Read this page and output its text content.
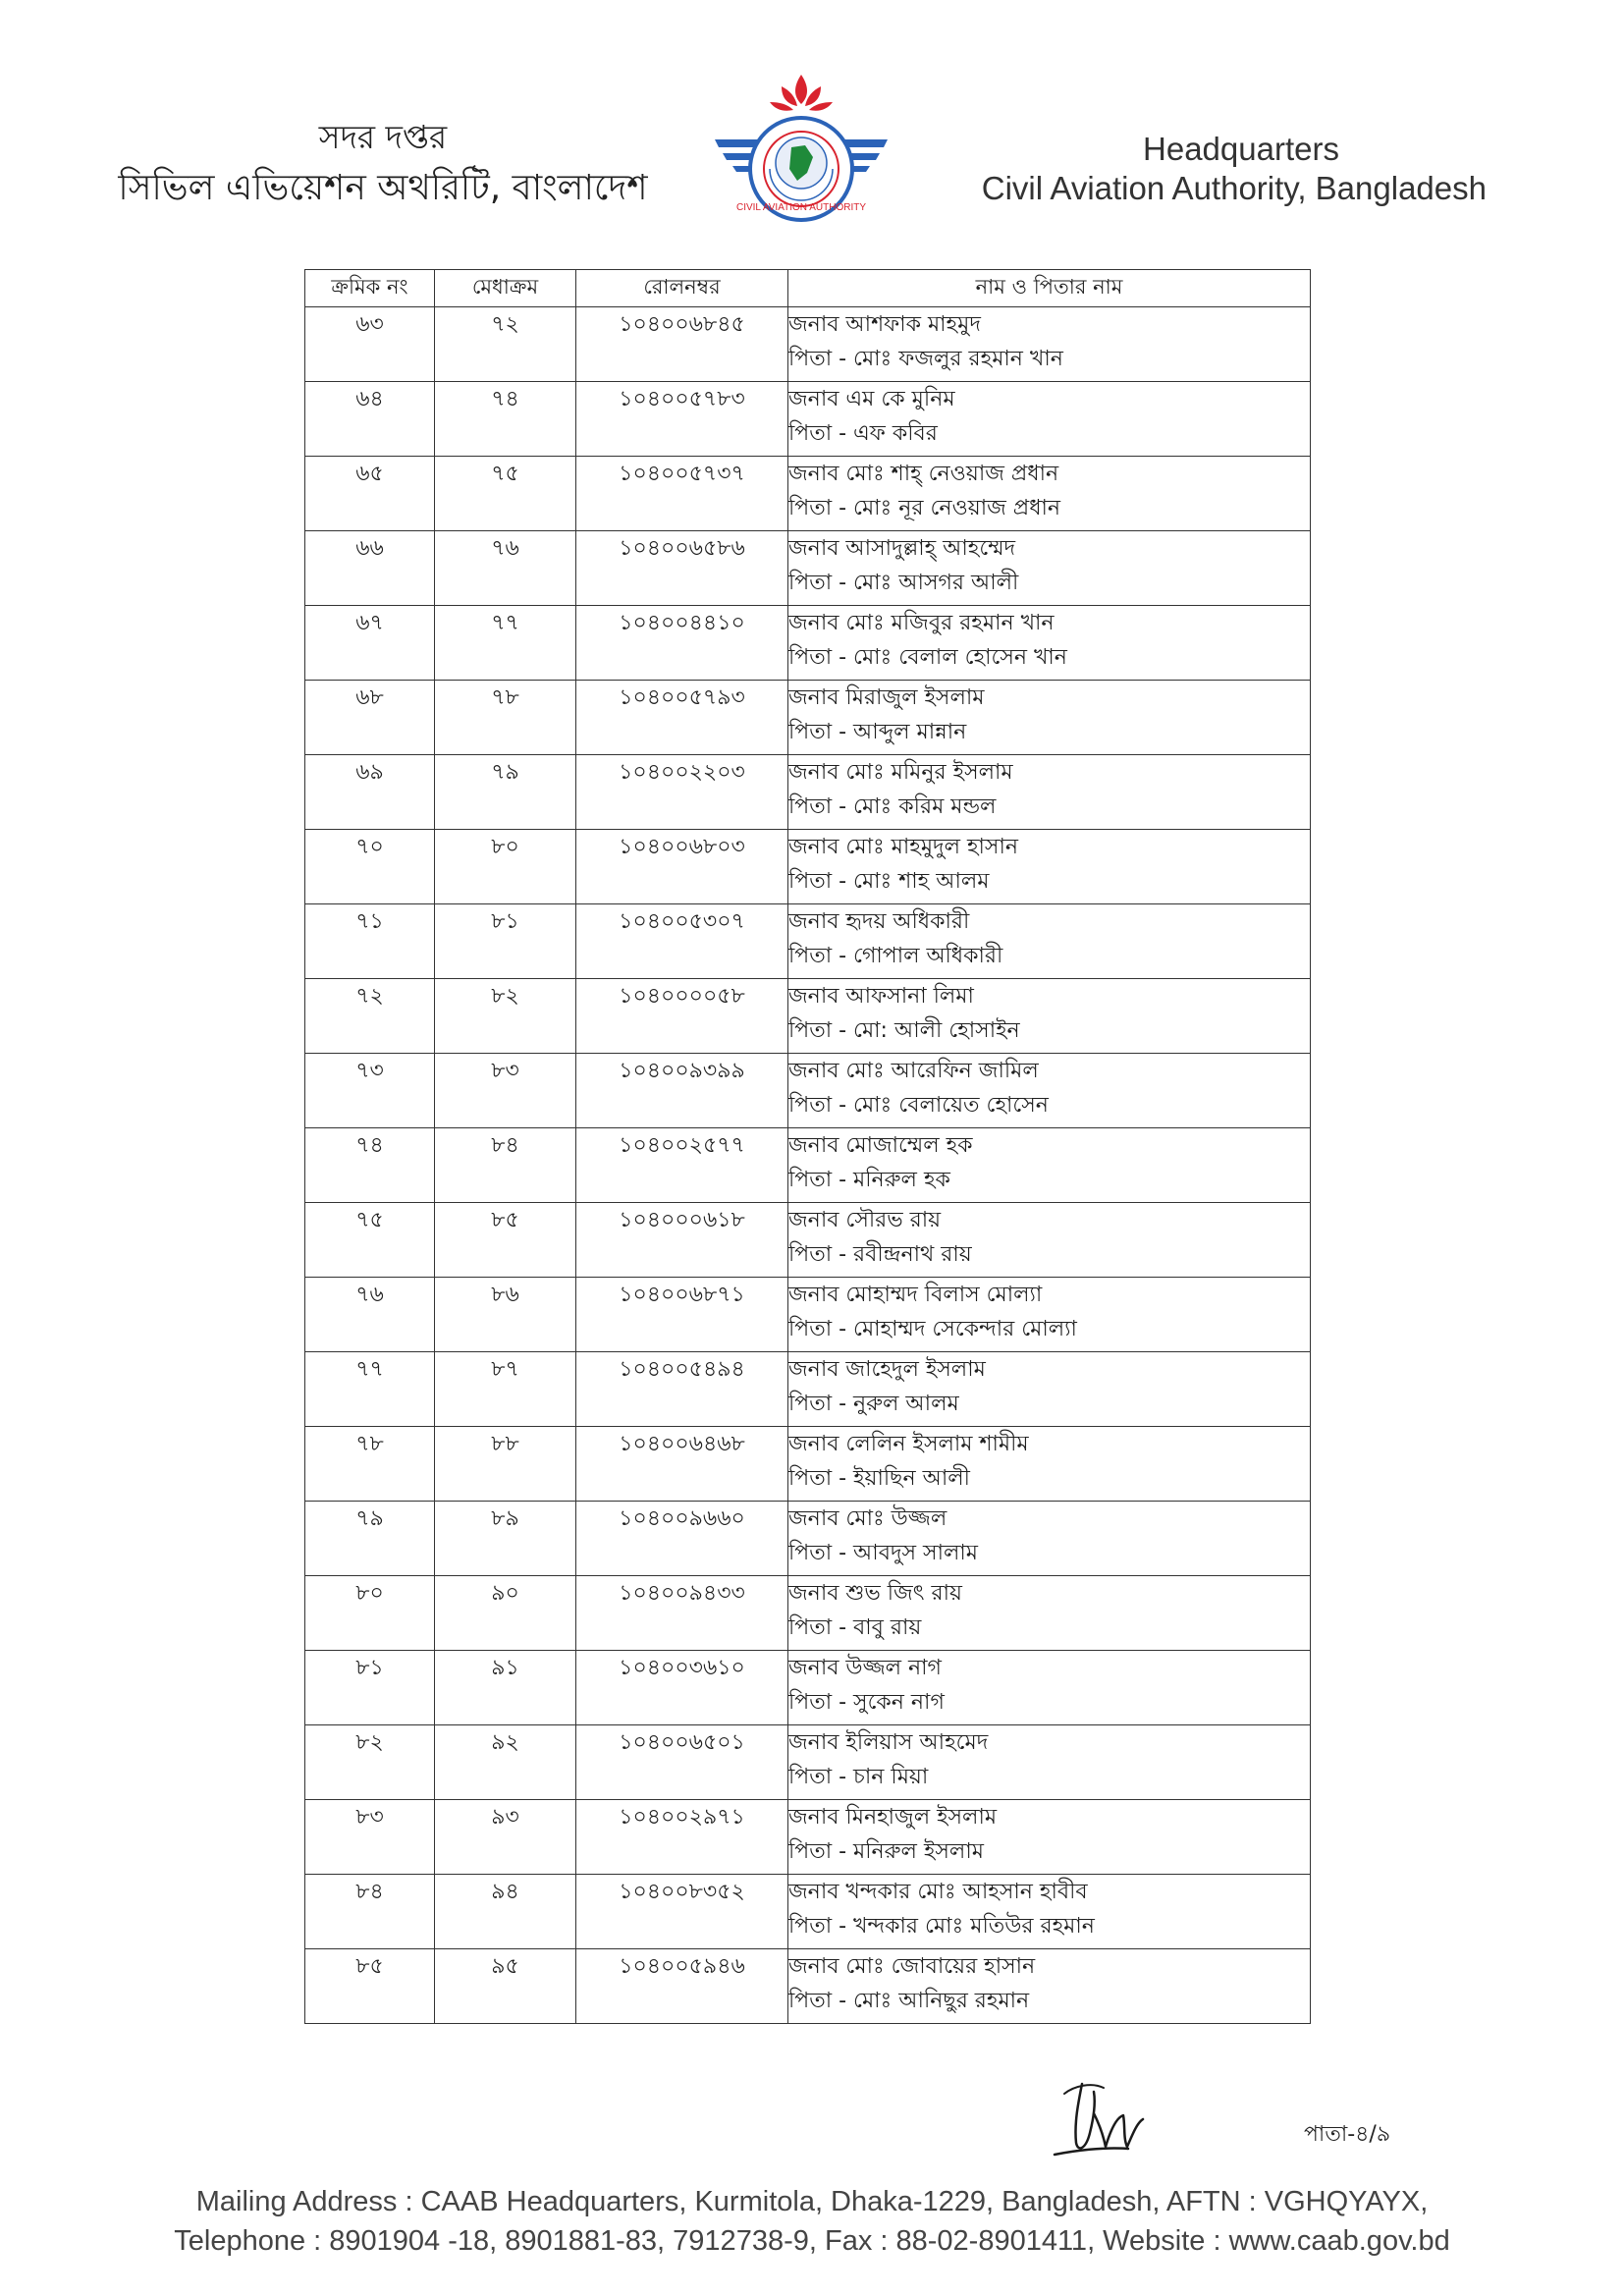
সদর দপ্তর
সিভিল এভিয়েশন অথরিটি, বাংলাদেশ	CIVIL AVIATION AUTHORITY
Headquarters
Civil Aviation Authority, Bangladesh
ক্রমিক নং	মেধাক্রম	রোলনম্বর	নাম ও পিতার নাম
৬৩	৭২	১০৪০০৬৮৪৫	জনাব আশফাক মাহমুদ
পিতা - মোঃ ফজলুর রহমান খান

৬৪	৭৪	১০৪০০৫৭৮৩	জনাব এম কে মুনিম
পিতা - এফ কবির

৬৫	৭৫	১০৪০০৫৭৩৭	জনাব মোঃ শাহ্ নেওয়াজ প্রধান
পিতা - মোঃ নূর নেওয়াজ প্রধান

৬৬	৭৬	১০৪০০৬৫৮৬	জনাব আসাদুল্লাহ্ আহম্মেদ
পিতা - মোঃ আসগর আলী

৬৭	৭৭	১০৪০০৪৪১০	জনাব মোঃ মজিবুর রহমান খান
পিতা - মোঃ বেলাল হোসেন খান

৬৮	৭৮	১০৪০০৫৭৯৩	জনাব মিরাজুল ইসলাম
পিতা - আব্দুল মান্নান

৬৯	৭৯	১০৪০০২২০৩	জনাব মোঃ মমিনুর ইসলাম
পিতা - মোঃ করিম মন্ডল

৭০	৮০	১০৪০০৬৮০৩	জনাব মোঃ মাহমুদুল হাসান
পিতা - মোঃ শাহ আলম

৭১	৮১	১০৪০০৫৩০৭	জনাব হৃদয় অধিকারী
পিতা - গোপাল অধিকারী

৭২	৮২	১০৪০০০০৫৮	জনাব আফসানা লিমা
পিতা - মো: আলী হোসাইন

৭৩	৮৩	১০৪০০৯৩৯৯	জনাব মোঃ আরেফিন জামিল
পিতা - মোঃ বেলায়েত হোসেন

৭৪	৮৪	১০৪০০২৫৭৭	জনাব মোজাম্মেল হক
পিতা - মনিরুল হক

৭৫	৮৫	১০৪০০০৬১৮	জনাব সৌরভ রায়
পিতা - রবীন্দ্রনাথ রায়

৭৬	৮৬	১০৪০০৬৮৭১	জনাব মোহাম্মদ বিলাস মোল্যা
পিতা - মোহাম্মদ সেকেন্দার মোল্যা

৭৭	৮৭	১০৪০০৫৪৯৪	জনাব জাহেদুল ইসলাম
পিতা - নুরুল আলম

৭৮	৮৮	১০৪০০৬৪৬৮	জনাব লেলিন ইসলাম শামীম
পিতা - ইয়াছিন আলী

৭৯	৮৯	১০৪০০৯৬৬০	জনাব মোঃ উজ্জল
পিতা - আবদুস সালাম

৮০	৯০	১০৪০০৯৪৩৩	জনাব শুভ জিৎ রায়
পিতা - বাবু রায়

৮১	৯১	১০৪০০৩৬১০	জনাব উজ্জল নাগ
পিতা - সুকেন নাগ

৮২	৯২	১০৪০০৬৫০১	জনাব ইলিয়াস আহমেদ
পিতা - চান মিয়া

৮৩	৯৩	১০৪০০২৯৭১	জনাব মিনহাজুল ইসলাম
পিতা - মনিরুল ইসলাম

৮৪	৯৪	১০৪০০৮৩৫২	জনাব খন্দকার মোঃ আহসান হাবীব
পিতা - খন্দকার মোঃ মতিউর রহমান

৮৫	৯৫	১০৪০০৫৯৪৬	জনাব মোঃ জোবায়ের হাসান
পিতা - মোঃ আনিছুর রহমান
পাতা-৪/৯
Mailing Address : CAAB Headquarters, Kurmitola, Dhaka-1229, Bangladesh, AFTN : VGHQYAYX,
Telephone : 8901904 -18, 8901881-83, 7912738-9, Fax : 88-02-8901411, Website : www.caab.gov.bd
